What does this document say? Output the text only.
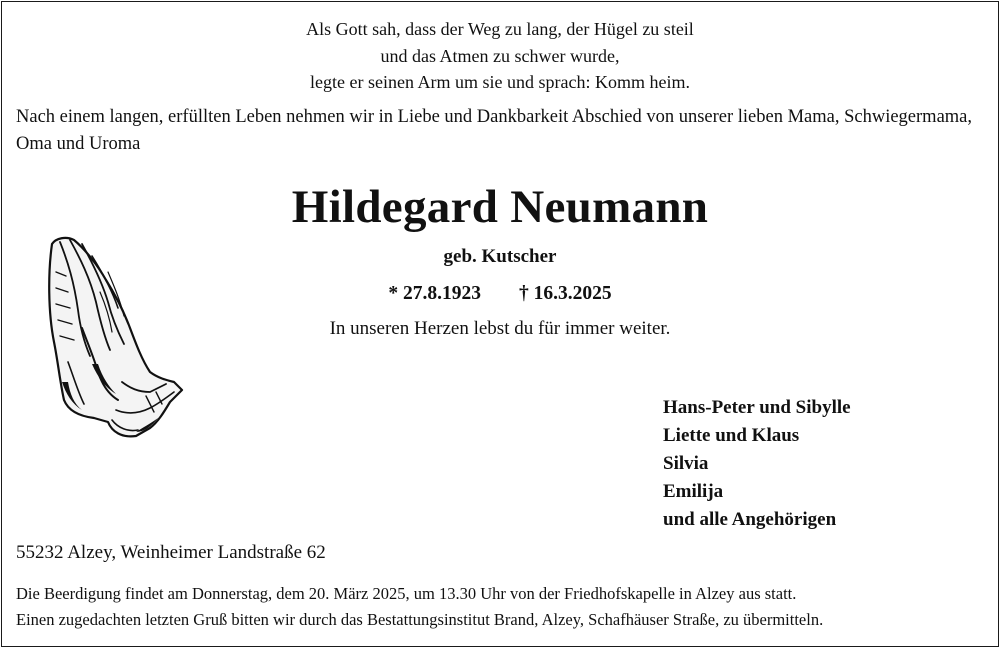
Als Gott sah, dass der Weg zu lang, der Hügel zu steil
und das Atmen zu schwer wurde,
legte er seinen Arm um sie und sprach: Komm heim.
Nach einem langen, erfüllten Leben nehmen wir in Liebe und Dankbarkeit Abschied von unserer lieben Mama, Schwiegermama, Oma und Uroma
Hildegard Neumann
geb. Kutscher
* 27.8.1923 † 16.3.2025
In unseren Herzen lebst du für immer weiter.
Hans-Peter und Sibylle
Liette und Klaus
Silvia
Emilija
und alle Angehörigen
55232 Alzey, Weinheimer Landstraße 62
Die Beerdigung findet am Donnerstag, dem 20. März 2025, um 13.30 Uhr von der Friedhofskapelle in Alzey aus statt.
Einen zugedachten letzten Gruß bitten wir durch das Bestattungsinstitut Brand, Alzey, Schafhäuser Straße, zu übermitteln.
